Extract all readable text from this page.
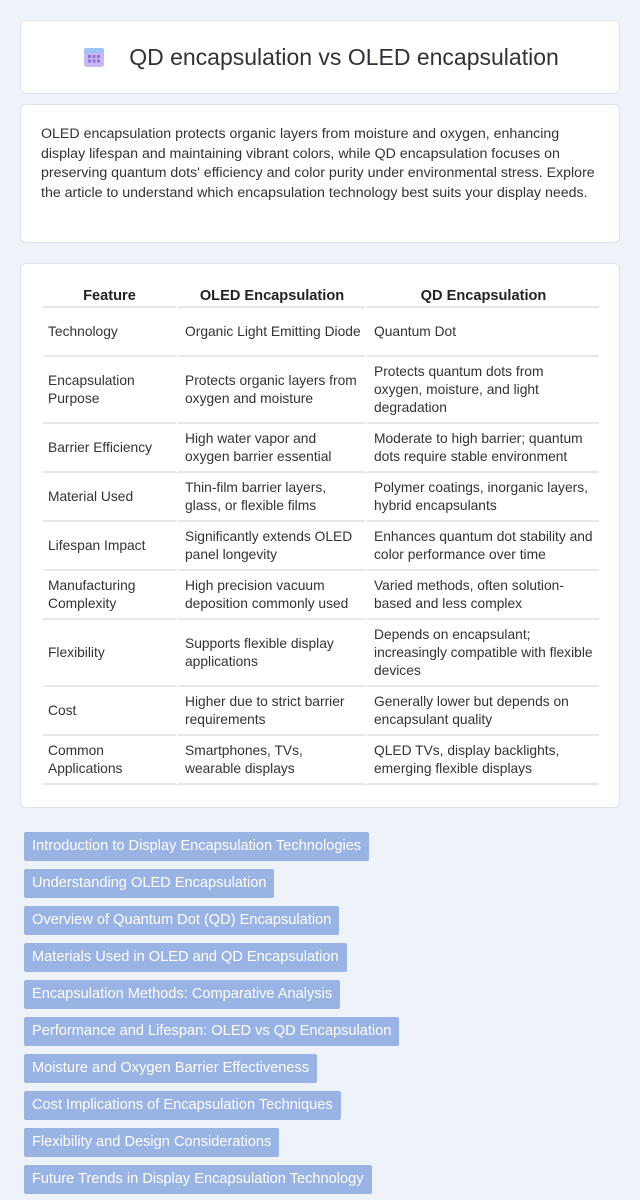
QD encapsulation vs OLED encapsulation

OLED encapsulation protects organic layers from moisture and oxygen, enhancing display lifespan and maintaining vibrant colors, while QD encapsulation focuses on preserving quantum dots' efficiency and color purity under environmental stress. Explore the article to understand which encapsulation technology best suits your display needs.

Feature	OLED Encapsulation	QD Encapsulation
Technology	Organic Light Emitting Diode	Quantum Dot
Encapsulation Purpose	Protects organic layers from oxygen and moisture	Protects quantum dots from oxygen, moisture, and light degradation
Barrier Efficiency	High water vapor and oxygen barrier essential	Moderate to high barrier; quantum dots require stable environment
Material Used	Thin-film barrier layers, glass, or flexible films	Polymer coatings, inorganic layers, hybrid encapsulants
Lifespan Impact	Significantly extends OLED panel longevity	Enhances quantum dot stability and color performance over time
Manufacturing Complexity	High precision vacuum deposition commonly used	Varied methods, often solution-based and less complex
Flexibility	Supports flexible display applications	Depends on encapsulant; increasingly compatible with flexible devices
Cost	Higher due to strict barrier requirements	Generally lower but depends on encapsulant quality
Common Applications	Smartphones, TVs, wearable displays	QLED TVs, display backlights, emerging flexible displays
Introduction to Display Encapsulation Technologies
Understanding OLED Encapsulation
Overview of Quantum Dot (QD) Encapsulation
Materials Used in OLED and QD Encapsulation
Encapsulation Methods: Comparative Analysis
Performance and Lifespan: OLED vs QD Encapsulation
Moisture and Oxygen Barrier Effectiveness
Cost Implications of Encapsulation Techniques
Flexibility and Design Considerations
Future Trends in Display Encapsulation Technology
